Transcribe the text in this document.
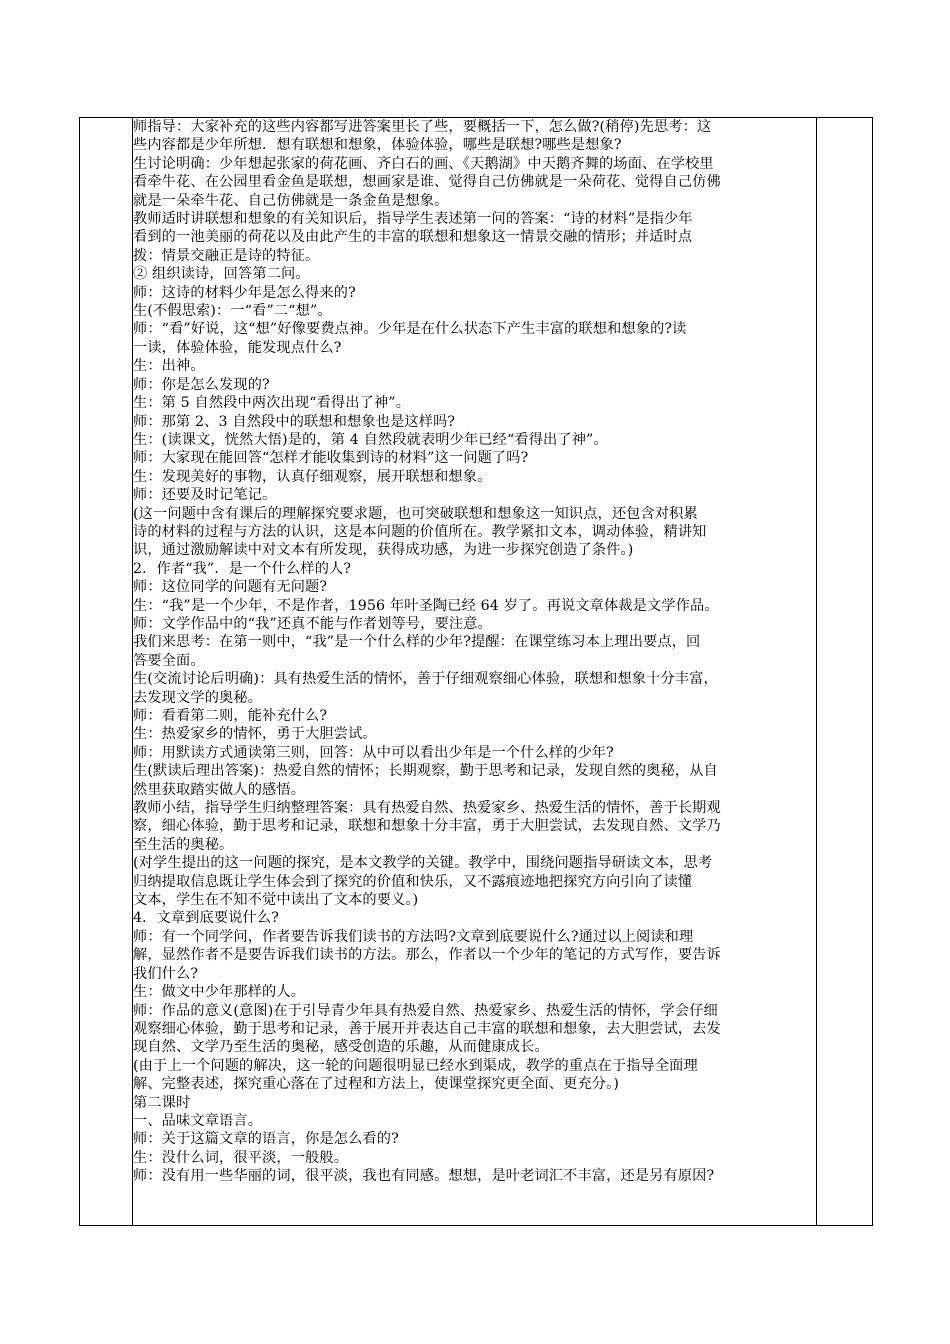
师指导：大家补充的这些内容都写进答案里长了些，要概括一下，怎么做?(稍停)先思考：这
些内容都是少年所想．想有联想和想象，体验体验，哪些是联想?哪些是想象?
生讨论明确：少年想起张家的荷花画、齐白石的画、《天鹅湖》中天鹅齐舞的场面、在学校里
看牵牛花、在公园里看金鱼是联想，想画家是谁、觉得自己仿佛就是一朵荷花、觉得自己仿佛
就是一朵牵牛花、自己仿佛就是一条金鱼是想象。
教师适时讲联想和想象的有关知识后，指导学生表述第一问的答案：“诗的材料”是指少年
看到的一池美丽的荷花以及由此产生的丰富的联想和想象这一情景交融的情形；并适时点
拨：情景交融正是诗的特征。
② 组织读诗，回答第二问。
师：这诗的材料少年是怎么得来的?
生(不假思索)：一“看”二“想”。
师：“看”好说，这“想”好像要费点神。少年是在什么状态下产生丰富的联想和想象的?读
一读，体验体验，能发现点什么?
生：出神。
师：你是怎么发现的?
生：第 5 自然段中两次出现“看得出了神”。
师：那第 2、3 自然段中的联想和想象也是这样吗?
生：(读课文，恍然大悟)是的，第 4 自然段就表明少年已经“看得出了神”。
师：大家现在能回答“怎样才能收集到诗的材料”这一问题了吗?
生：发现美好的事物，认真仔细观察，展开联想和想象。
师：还要及时记笔记。
(这一问题中含有课后的理解探究要求题，也可突破联想和想象这一知识点，还包含对积累
诗的材料的过程与方法的认识，这是本问题的价值所在。教学紧扣文本，调动体验，精讲知
识，通过激励解读中对文本有所发现，获得成功感，为进一步探究创造了条件。)
2．作者“我”．是一个什么样的人?
师：这位同学的问题有无问题?
生：“我”是一个少年，不是作者，1956 年叶圣陶已经 64 岁了。再说文章体裁是文学作品。
师：文学作品中的“我”还真不能与作者划等号，要注意。
我们来思考：在第一则中，“我”是一个什么样的少年?提醒：在课堂练习本上理出要点，回
答要全面。
生(交流讨论后明确)：具有热爱生活的情怀，善于仔细观察细心体验，联想和想象十分丰富，
去发现文学的奥秘。
师：看看第二则，能补充什么?
生：热爱家乡的情怀，勇于大胆尝试。
师：用默读方式通读第三则，回答：从中可以看出少年是一个什么样的少年?
生(默读后理出答案)：热爱自然的情怀；长期观察，勤于思考和记录，发现自然的奥秘，从自
然里获取踏实做人的感悟。
教师小结，指导学生归纳整理答案：具有热爱自然、热爱家乡、热爱生活的情怀，善于长期观
察，细心体验，勤于思考和记录，联想和想象十分丰富，勇于大胆尝试，去发现自然、文学乃
至生活的奥秘。
(对学生提出的这一问题的探究，是本文教学的关键。教学中，围绕问题指导研读文本，思考
归纳提取信息既让学生体会到了探究的价值和快乐，又不露痕迹地把探究方向引向了读懂
文本，学生在不知不觉中读出了文本的要义。)
4．文章到底要说什么?
师：有一个同学问，作者要告诉我们读书的方法吗?文章到底要说什么?通过以上阅读和理
解，显然作者不是要告诉我们读书的方法。那么，作者以一个少年的笔记的方式写作，要告诉
我们什么?
生：做文中少年那样的人。
师：作品的意义(意图)在于引导青少年具有热爱自然、热爱家乡、热爱生活的情怀，学会仔细
观察细心体验，勤于思考和记录，善于展开并表达自己丰富的联想和想象，去大胆尝试，去发
现自然、文学乃至生活的奥秘，感受创造的乐趣，从而健康成长。
(由于上一个问题的解决，这一轮的问题很明显已经水到渠成，教学的重点在于指导全面理
解、完整表述，探究重心落在了过程和方法上，使课堂探究更全面、更充分。)
第二课时
一、品味文章语言。
师：关于这篇文章的语言，你是怎么看的?
生：没什么词，很平淡，一般般。
师：没有用一些华丽的词，很平淡，我也有同感。想想，是叶老词汇不丰富，还是另有原因?
